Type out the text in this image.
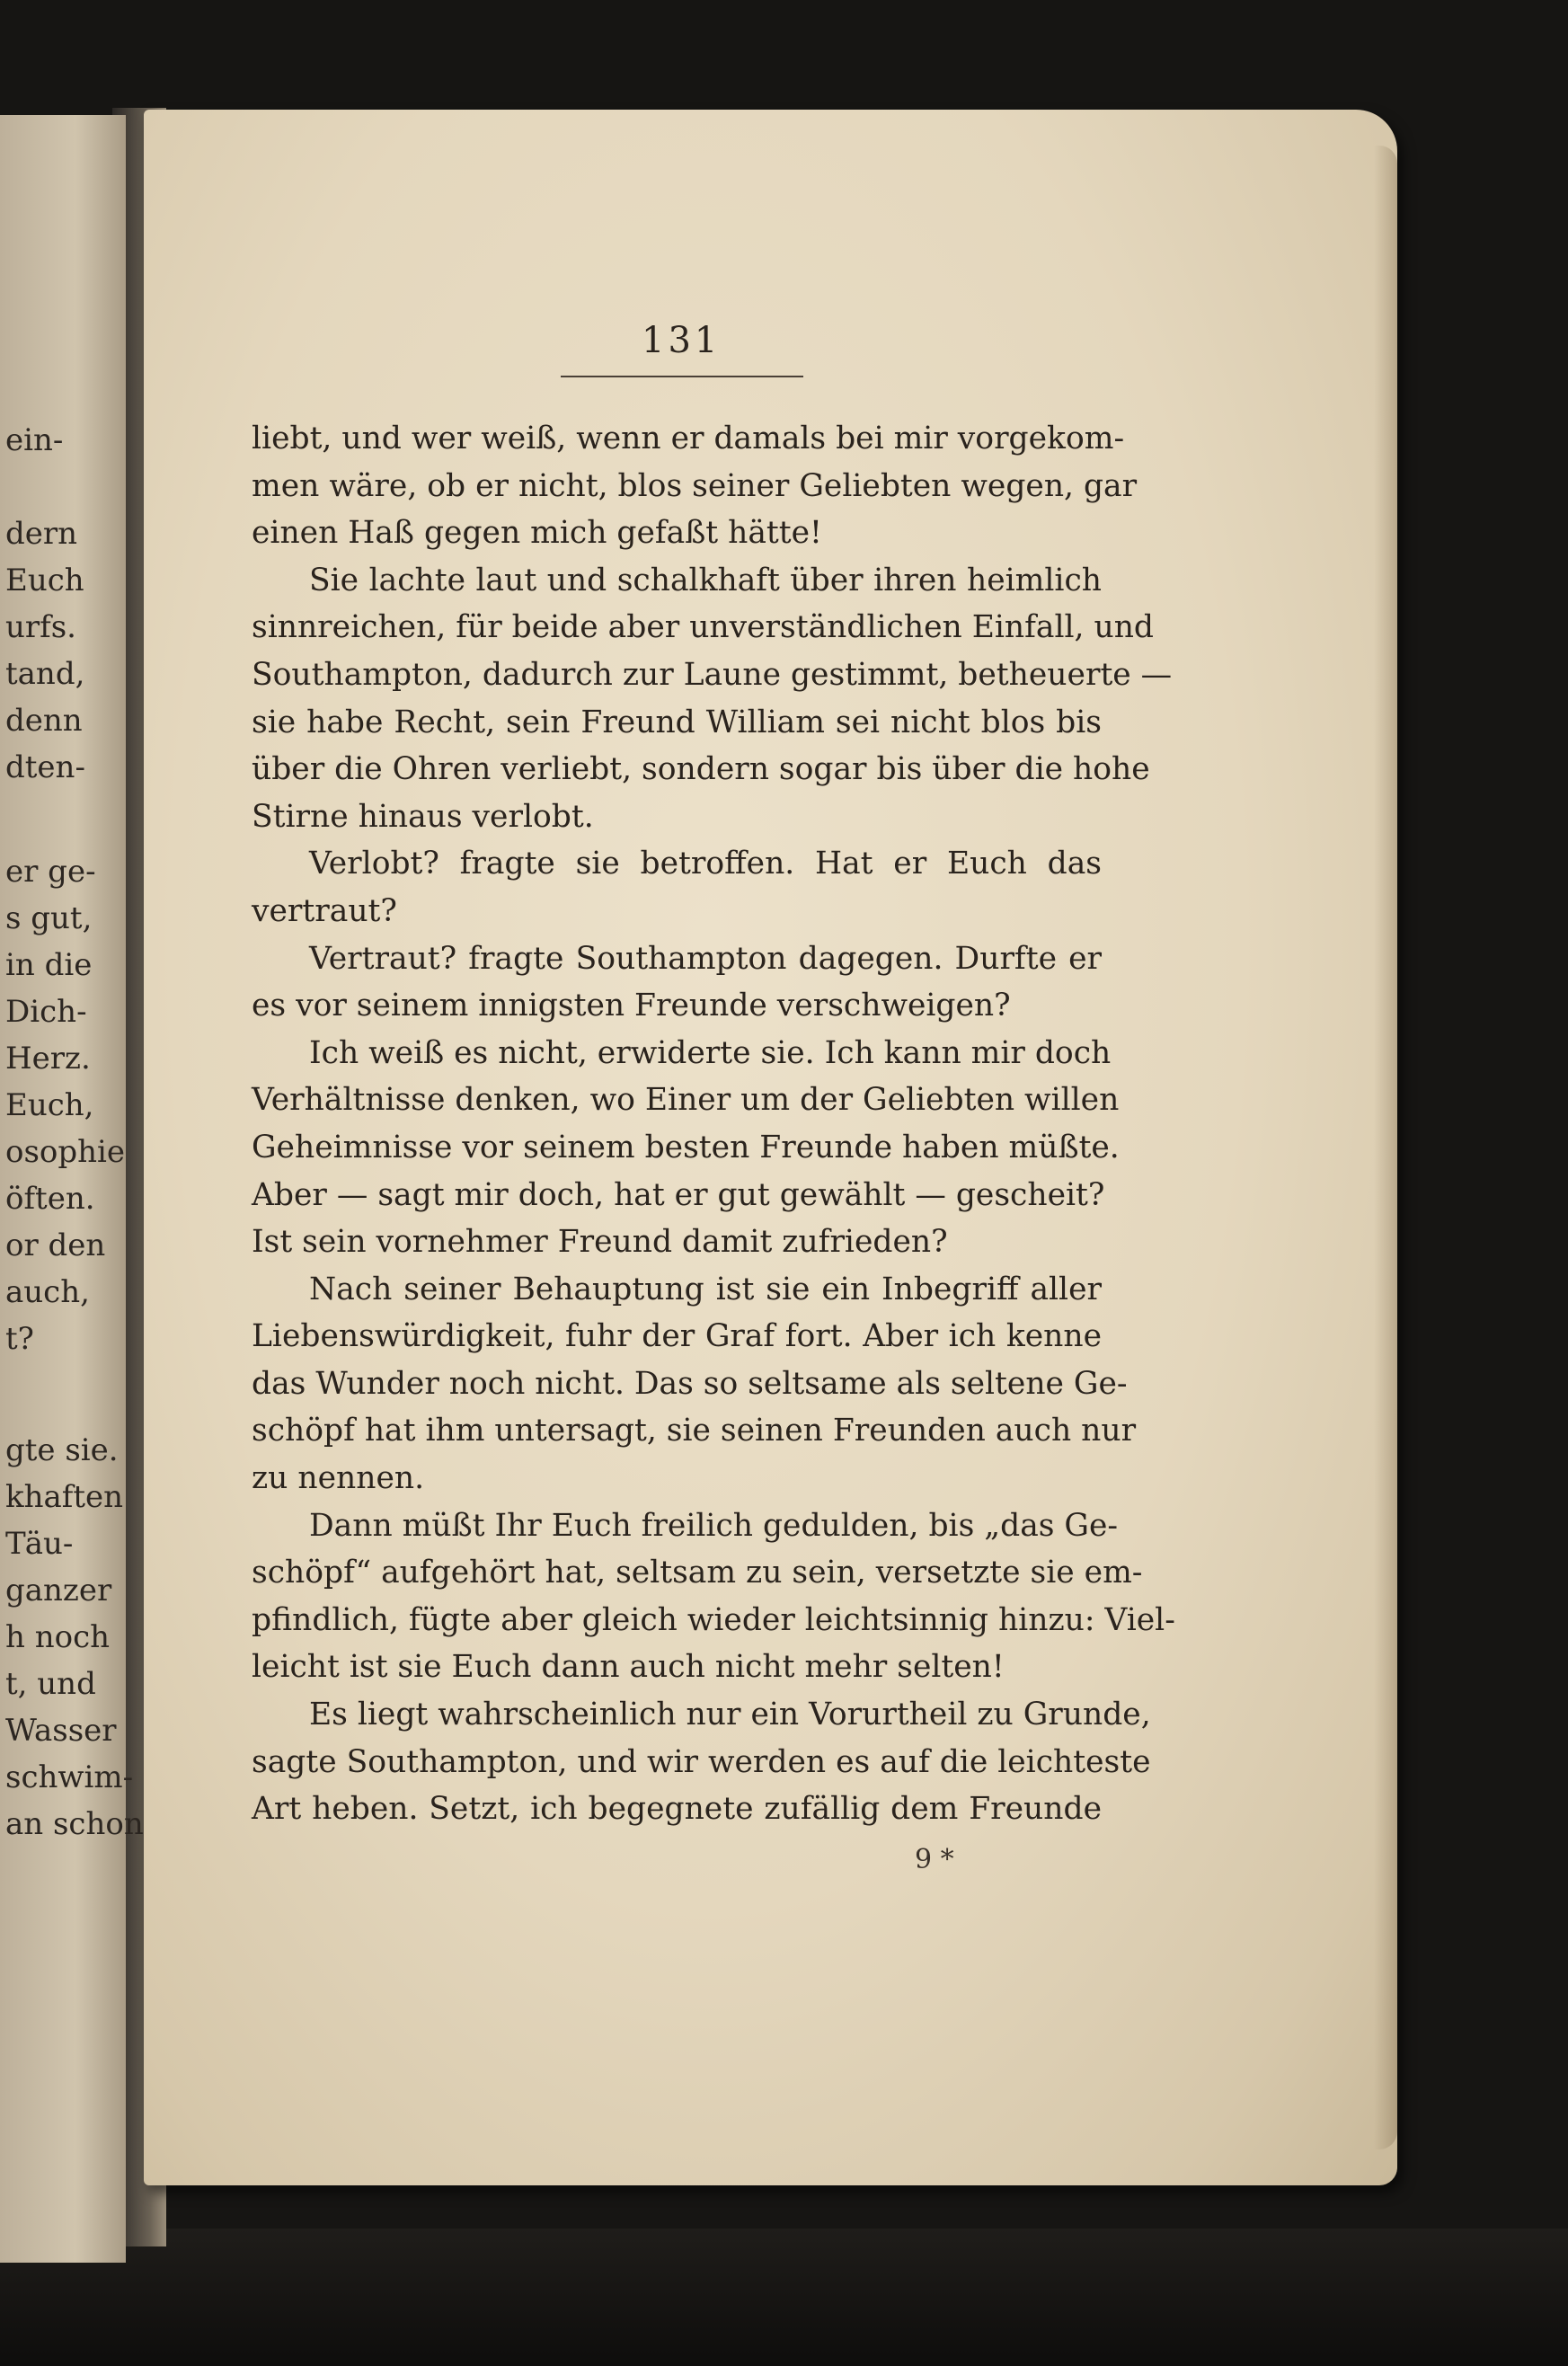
ein-
dern
Euch
urfs.
tand,
denn
dten-
er ge-
s gut,
in die
Dich-
Herz.
Euch,
osophie
öften.
or den
auch,
t?
gte sie.
khaften
Täu-
ganzer
h noch
t, und
Wasser
schwim-
an schon
131
liebt, und wer weiß, wenn er damals bei mir vorgekom-
men wäre, ob er nicht, blos seiner Geliebten wegen, gar
einen Haß gegen mich gefaßt hätte!
Sie lachte laut und schalkhaft über ihren heimlich
sinnreichen, für beide aber unverständlichen Einfall, und
Southampton, dadurch zur Laune gestimmt, betheuerte —
sie habe Recht, sein Freund William sei nicht blos bis
über die Ohren verliebt, sondern sogar bis über die hohe
Stirne hinaus verlobt.
Verlobt? fragte sie betroffen. Hat er Euch das
vertraut?
Vertraut? fragte Southampton dagegen. Durfte er
es vor seinem innigsten Freunde verschweigen?
Ich weiß es nicht, erwiderte sie. Ich kann mir doch
Verhältnisse denken, wo Einer um der Geliebten willen
Geheimnisse vor seinem besten Freunde haben müßte.
Aber — sagt mir doch, hat er gut gewählt — gescheit?
Ist sein vornehmer Freund damit zufrieden?
Nach seiner Behauptung ist sie ein Inbegriff aller
Liebenswürdigkeit, fuhr der Graf fort. Aber ich kenne
das Wunder noch nicht. Das so seltsame als seltene Ge-
schöpf hat ihm untersagt, sie seinen Freunden auch nur
zu nennen.
Dann müßt Ihr Euch freilich gedulden, bis „das Ge-
schöpf“ aufgehört hat, seltsam zu sein, versetzte sie em-
pfindlich, fügte aber gleich wieder leichtsinnig hinzu: Viel-
leicht ist sie Euch dann auch nicht mehr selten!
Es liegt wahrscheinlich nur ein Vorurtheil zu Grunde,
sagte Southampton, und wir werden es auf die leichteste
Art heben. Setzt, ich begegnete zufällig dem Freunde
9 *
